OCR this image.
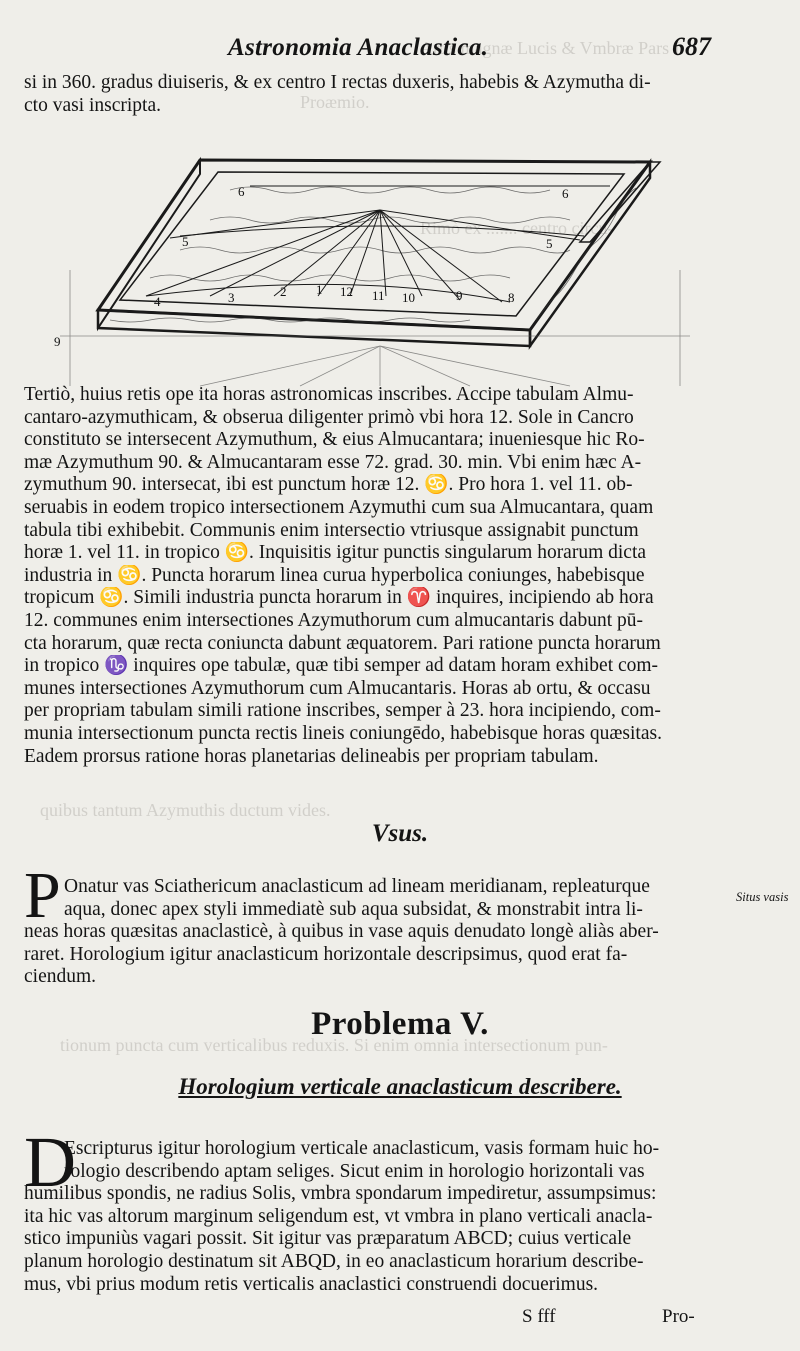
Artis magnæ Lucis & Vmbræ Pars I.
Proæmio.
Rimò ex ....... centro circu-
quibus tantum Azymuthis ductum vides.
tionum puncta cum verticalibus reduxis. Si enim omnia intersectionum pun-
Astronomia Anaclastica.	687
si in 360. gradus diuiseris, & ex centro I rectas duxeris, habebis & Azymutha di-
cto vasi inscripta.
6	6
5	5
4	3	2 1 12 11 10	9	8
9
Tertiò, huius retis ope ita horas astronomicas inscribes. Accipe tabulam Almu-
cantaro-azymuthicam, & obserua diligenter primò vbi hora 12. Sole in Cancro
constituto se intersecent Azymuthum, & eius Almucantara; inueniesque hic Ro-
mæ Azymuthum 90. & Almucantaram esse 72. grad. 30. min. Vbi enim hæc A-
zymuthum 90. intersecat, ibi est punctum horæ 12. ♋. Pro hora 1. vel 11. ob-
seruabis in eodem tropico intersectionem Azymuthi cum sua Almucantara, quam
tabula tibi exhibebit. Communis enim intersectio vtriusque assignabit punctum
horæ 1. vel 11. in tropico ♋. Inquisitis igitur punctis singularum horarum dicta
industria in ♋. Puncta horarum linea curua hyperbolica coniunges, habebisque
tropicum ♋. Simili industria puncta horarum in ♈ inquires, incipiendo ab hora
12. communes enim intersectiones Azymuthorum cum almucantaris dabunt pū-
cta horarum, quæ recta coniuncta dabunt æquatorem. Pari ratione puncta horarum
in tropico ♑ inquires ope tabulæ, quæ tibi semper ad datam horam exhibet com-
munes intersectiones Azymuthorum cum Almucantaris. Horas ab ortu, & occasu
per propriam tabulam simili ratione inscribes, semper à 23. hora incipiendo, com-
munia intersectionum puncta rectis lineis coniungēdo, habebisque horas quæsitas.
Eadem prorsus ratione horas planetarias delineabis per propriam tabulam.
Vsus.
P Onatur vas Sciathericum anaclasticum ad lineam meridianam, repleaturque
aqua, donec apex styli immediatè sub aqua subsidat, & monstrabit intra li-
neas horas quæsitas anaclasticè, à quibus in vase aquis denudato longè aliàs aber-
raret. Horologium igitur anaclasticum horizontale descripsimus, quod erat fa-
ciendum.
Situs vasis
Problema V.
Horologium verticale anaclasticum describere.
D
Escripturus igitur horologium verticale anaclasticum, vasis formam huic ho-
rologio describendo aptam seliges. Sicut enim in horologio horizontali vas
humilibus spondis, ne radius Solis, vmbra spondarum impediretur, assumpsimus:
ita hic vas altorum marginum seligendum est, vt vmbra in plano verticali anacla-
stico impuniùs vagari possit. Sit igitur vas præparatum ABCD; cuius verticale
planum horologio destinatum sit ABQD, in eo anaclasticum horarium describe-
mus, vbi prius modum retis verticalis anaclastici construendi docuerimus.
S fff	Pro-
